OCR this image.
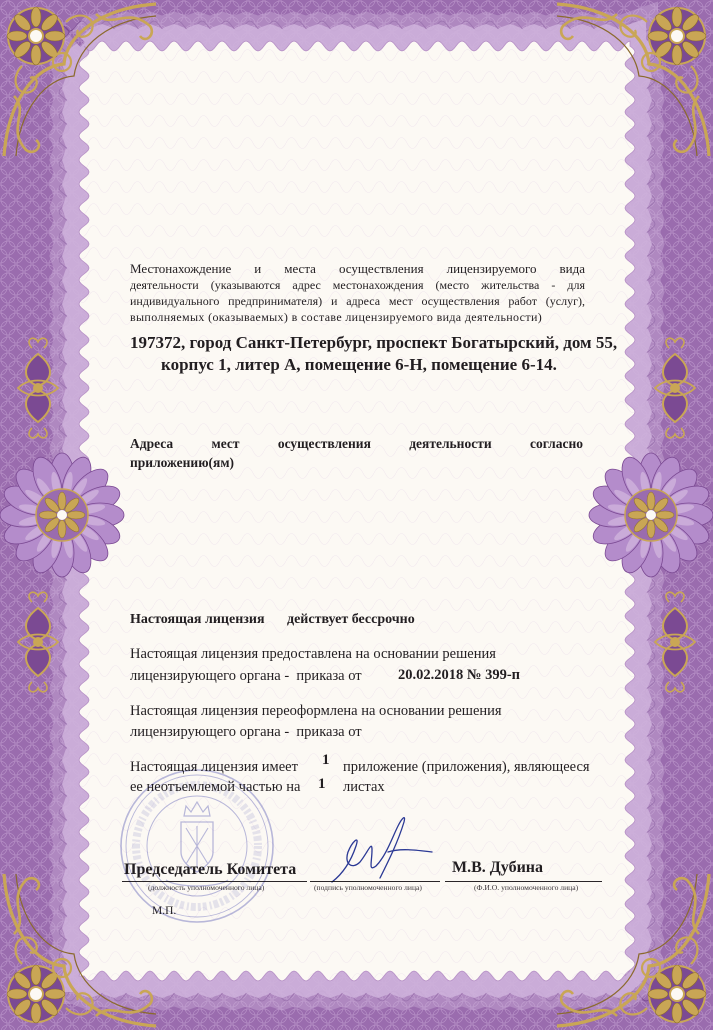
Местонахождение и места осуществления лицензируемого вида
деятельности (указываются адрес местонахождения (место жительства - для
индивидуального предпринимателя) и адреса мест осуществления работ (услуг),
выполняемых (оказываемых) в составе лицензируемого вида деятельности)
197372, город Санкт-Петербург, проспект Богатырский, дом 55,
корпус 1, литер А, помещение 6-Н, помещение 6-14.
Адреса мест осуществления деятельности согласно
приложению(ям)
Настоящая лицензия действует бессрочно
Настоящая лицензия предоставлена на основании решения
лицензирующего органа -  приказа от	20.02.2018 № 399-п
Настоящая лицензия переоформлена на основании решения
лицензирующего органа -  приказа от
Настоящая лицензия имеет 1 приложение (приложения), являющееся
ее неотъемлемой частью на 1 листах
Председатель Комитета	М.В. Дубина
(должность уполномоченного лица)	(подпись уполномоченного лица)	(Ф.И.О. уполномоченного лица)
М.П.
